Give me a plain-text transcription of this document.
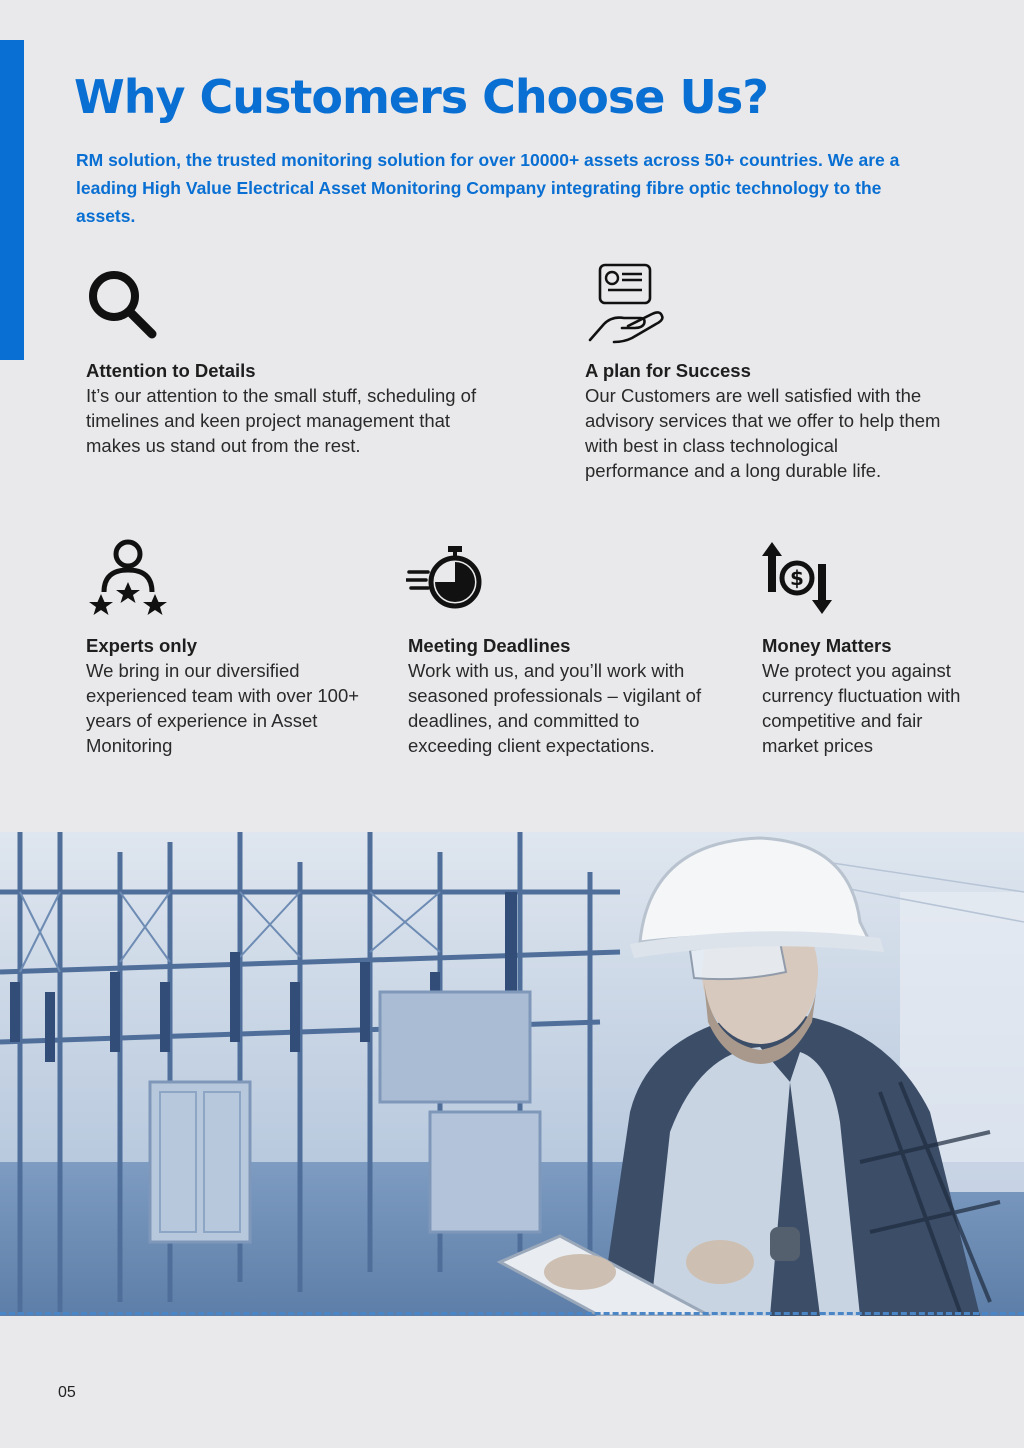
Why Customers Choose Us?

RM solution, the trusted monitoring solution for over 10000+ assets across 50+ countries. We are a leading High Value Electrical Asset Monitoring Company integrating fibre optic technology to the assets.

Attention to Details

It’s our attention to the small stuff, scheduling of timelines and keen project management that makes us stand out from the rest.

A plan for Success

Our Customers are well satisfied with the advisory services that we offer to help them with best in class technological performance and a long durable life.

Experts only

We bring in our diversified experienced team with over 100+ years of experience in Asset Monitoring

Meeting Deadlines

Work with us, and you’ll work with seasoned professionals – vigilant of deadlines, and committed to exceeding client expectations.

$

Money Matters

We protect you against currency fluctuation with competitive and fair market prices

05
